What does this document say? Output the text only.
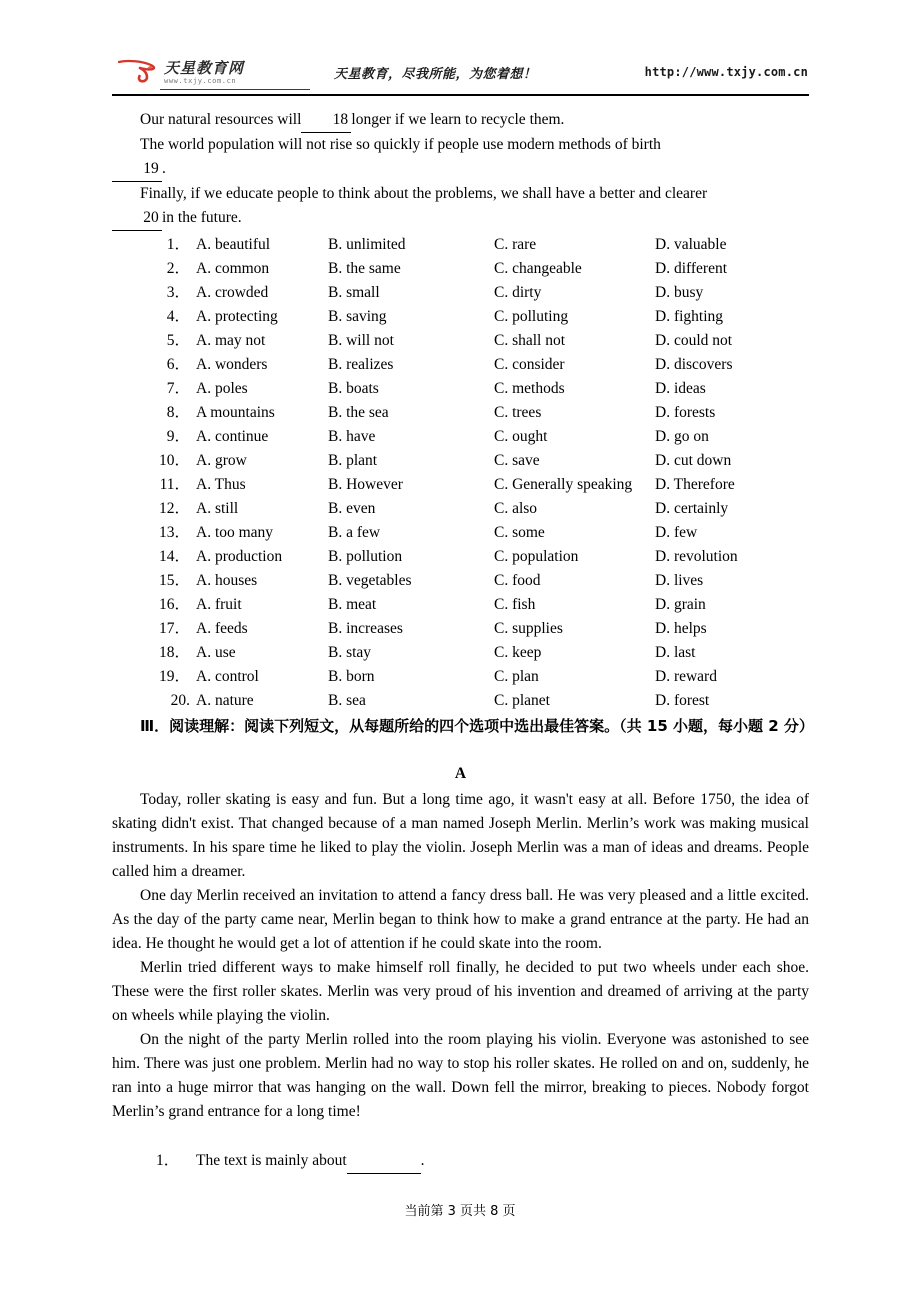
天星教育网
www.txjy.com.cn	天星教育，尽我所能，为您着想！	http://www.txjy.com.cn

Our natural resources will 18 longer if we learn to recycle them.

The world population will not rise so quickly if people use modern methods of birth
19 .

Finally, if we educate people to think about the problems, we shall have a better and clearer
20 in the future.

1． A. beautiful	B. unlimited	C. rare	D. valuable
2． A. common	B. the same	C. changeable	D. different
3． A. crowded	B. small	C. dirty	D. busy
4． A. protecting	B. saving	C. polluting	D. fighting
5． A. may not	B. will not	C. shall not	D. could not
6． A. wonders	B. realizes	C. consider	D. discovers
7． A. poles	B. boats	C. methods	D. ideas
8． A mountains	B. the sea	C. trees	D. forests
9． A. continue	B. have	C. ought	D. go on
10． A. grow	B. plant	C. save	D. cut down
11． A. Thus	B. However	C. Generally speaking D. Therefore
12． A. still	B. even	C. also	D. certainly
13． A. too many	B. a few	C. some	D. few
14． A. production	B. pollution	C. population	D. revolution
15． A. houses	B. vegetables	C. food	D. lives
16． A. fruit	B. meat	C. fish	D. grain
17． A. feeds	B. increases	C. supplies	D. helps
18． A. use	B. stay	C. keep	D. last
19． A. control	B. born	C. plan	D. reward
20. A. nature	B. sea	C. planet	D. forest
Ⅲ．阅读理解：阅读下列短文，从每题所给的四个选项中选出最佳答案。（共 15 小题，每小题 2 分）

A

Today, roller skating is easy and fun. But a long time ago, it wasn't easy at all. Before 1750, the idea of skating didn't exist. That changed because of a man named Joseph Merlin. Merlin’s work was making musical instruments. In his spare time he liked to play the violin. Joseph Merlin was a man of ideas and dreams. People called him a dreamer.

One day Merlin received an invitation to attend a fancy dress ball. He was very pleased and a little excited. As the day of the party came near, Merlin began to think how to make a grand entrance at the party. He had an idea. He thought he would get a lot of attention if he could skate into the room.

Merlin tried different ways to make himself roll finally, he decided to put two wheels under each shoe. These were the first roller skates. Merlin was very proud of his invention and dreamed of arriving at the party on wheels while playing the violin.

On the night of the party Merlin rolled into the room playing his violin. Everyone was astonished to see him. There was just one problem. Merlin had no way to stop his roller skates. He rolled on and on, suddenly, he ran into a huge mirror that was hanging on the wall. Down fell the mirror, breaking to pieces. Nobody forgot Merlin’s grand entrance for a long time!

1． The text is mainly about	.
当前第 3 页共 8 页
